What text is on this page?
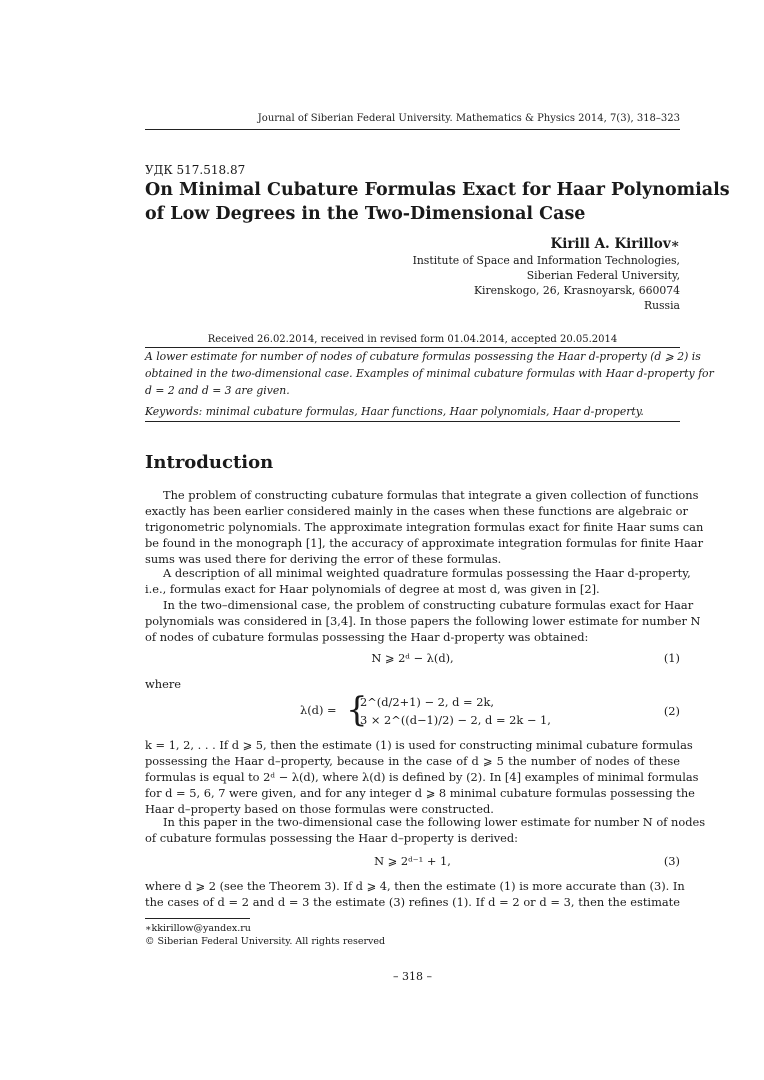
Journal of Siberian Federal University. Mathematics & Physics 2014, 7(3), 318–323
УДК 517.518.87
On Minimal Cubature Formulas Exact for Haar Polynomials
of Low Degrees in the Two-Dimensional Case
Kirill A. Kirillov∗
Institute of Space and Information Technologies,
Siberian Federal University,
Kirenskogo, 26, Krasnoyarsk, 660074
Russia
Received 26.02.2014, received in revised form 01.04.2014, accepted 20.05.2014
A lower estimate for number of nodes of cubature formulas possessing the Haar d-property (d ⩾ 2) is
obtained in the two-dimensional case. Examples of minimal cubature formulas with Haar d-property for
d = 2 and d = 3 are given.
Keywords: minimal cubature formulas, Haar functions, Haar polynomials, Haar d-property.
Introduction
The problem of constructing cubature formulas that integrate a given collection of functions
exactly has been earlier considered mainly in the cases when these functions are algebraic or
trigonometric polynomials. The approximate integration formulas exact for finite Haar sums can
be found in the monograph [1], the accuracy of approximate integration formulas for finite Haar
sums was used there for deriving the error of these formulas.
A description of all minimal weighted quadrature formulas possessing the Haar d-property,
i.e., formulas exact for Haar polynomials of degree at most d, was given in [2].
In the two–dimensional case, the problem of constructing cubature formulas exact for Haar
polynomials was considered in [3,4]. In those papers the following lower estimate for number N
of nodes of cubature formulas possessing the Haar d-property was obtained:
N ⩾ 2ᵈ − λ(d),	(1)
where
λ(d) = {
2^(d/2+1) − 2, d = 2k,
3 × 2^((d−1)/2) − 2, d = 2k − 1,
(2)
k = 1, 2, . . . If d ⩾ 5, then the estimate (1) is used for constructing minimal cubature formulas
possessing the Haar d–property, because in the case of d ⩾ 5 the number of nodes of these
formulas is equal to 2ᵈ − λ(d), where λ(d) is defined by (2). In [4] examples of minimal formulas
for d = 5, 6, 7 were given, and for any integer d ⩾ 8 minimal cubature formulas possessing the
Haar d–property based on those formulas were constructed.
In this paper in the two-dimensional case the following lower estimate for number N of nodes
of cubature formulas possessing the Haar d–property is derived:
N ⩾ 2ᵈ⁻¹ + 1,	(3)
where d ⩾ 2 (see the Theorem 3). If d ⩾ 4, then the estimate (1) is more accurate than (3). In
the cases of d = 2 and d = 3 the estimate (3) refines (1). If d = 2 or d = 3, then the estimate
∗kkirillow@yandex.ru
© Siberian Federal University. All rights reserved
– 318 –
